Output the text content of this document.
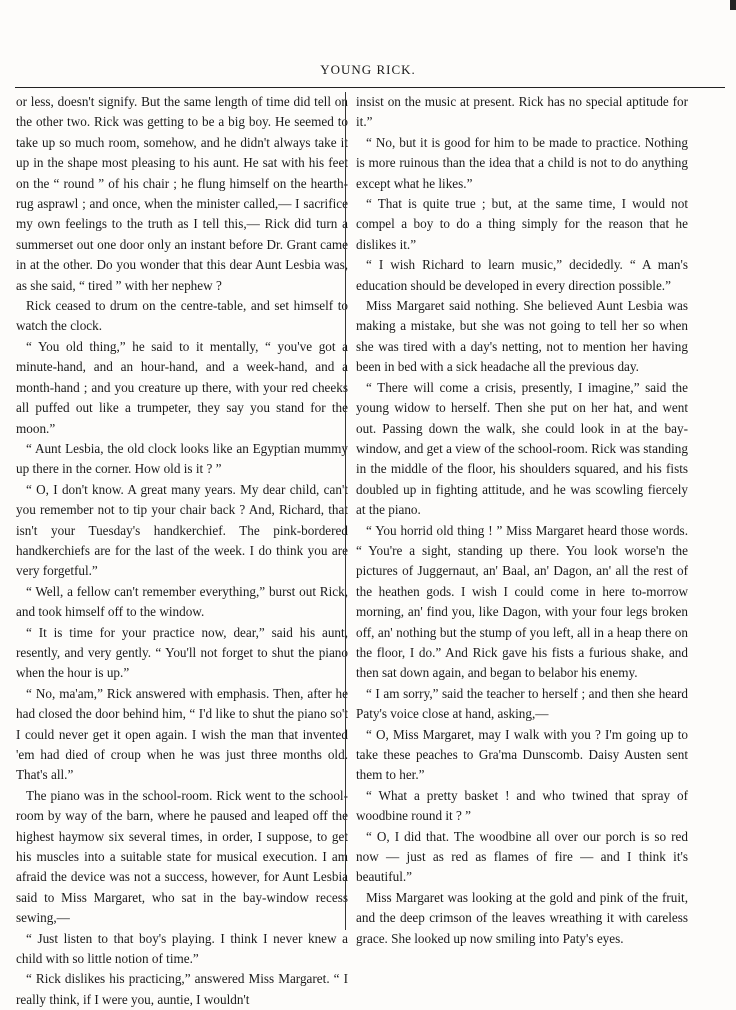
YOUNG RICK.

or less, doesn't signify. But the same length of time did tell on the other two. Rick was getting to be a big boy. He seemed to take up so much room, somehow, and he didn't always take it up in the shape most pleasing to his aunt. He sat with his feet on the “ round ” of his chair ; he flung himself on the hearth-rug asprawl ; and once, when the minister called,— I sacrifice my own feelings to the truth as I tell this,— Rick did turn a summerset out one door only an instant before Dr. Grant came in at the other. Do you wonder that this dear Aunt Lesbia was, as she said, “ tired ” with her nephew ?

Rick ceased to drum on the centre-table, and set himself to watch the clock.

“ You old thing,” he said to it mentally, “ you've got a minute-hand, and an hour-hand, and a week-hand, and a month-hand ; and you creature up there, with your red cheeks all puffed out like a trumpeter, they say you stand for the moon.”

“ Aunt Lesbia, the old clock looks like an Egyptian mummy up there in the corner. How old is it ? ”

“ O, I don't know. A great many years. My dear child, can't you remember not to tip your chair back ? And, Richard, that isn't your Tuesday's handkerchief. The pink-bordered handkerchiefs are for the last of the week. I do think you are very forgetful.”

“ Well, a fellow can't remember everything,” burst out Rick, and took himself off to the window.

“ It is time for your practice now, dear,” said his aunt, resently, and very gently. “ You'll not forget to shut the piano when the hour is up.”

“ No, ma'am,” Rick answered with emphasis. Then, after he had closed the door behind him, “ I'd like to shut the piano so't I could never get it open again. I wish the man that invented 'em had died of croup when he was just three months old. That's all.”

The piano was in the school-room. Rick went to the school-room by way of the barn, where he paused and leaped off the highest haymow six several times, in order, I suppose, to get his muscles into a suitable state for musical execution. I am afraid the device was not a success, however, for Aunt Lesbia said to Miss Margaret, who sat in the bay-window recess sewing,—

“ Just listen to that boy's playing. I think I never knew a child with so little notion of time.”

“ Rick dislikes his practicing,” answered Miss Margaret. “ I really think, if I were you, auntie, I wouldn't

insist on the music at present. Rick has no special aptitude for it.”

“ No, but it is good for him to be made to practice. Nothing is more ruinous than the idea that a child is not to do anything except what he likes.”

“ That is quite true ; but, at the same time, I would not compel a boy to do a thing simply for the reason that he dislikes it.”

“ I wish Richard to learn music,” decidedly. “ A man's education should be developed in every direction possible.”

Miss Margaret said nothing. She believed Aunt Lesbia was making a mistake, but she was not going to tell her so when she was tired with a day's netting, not to mention her having been in bed with a sick headache all the previous day.

“ There will come a crisis, presently, I imagine,” said the young widow to herself. Then she put on her hat, and went out. Passing down the walk, she could look in at the bay-window, and get a view of the school-room. Rick was standing in the middle of the floor, his shoulders squared, and his fists doubled up in fighting attitude, and he was scowling fiercely at the piano.

“ You horrid old thing ! ” Miss Margaret heard those words. “ You're a sight, standing up there. You look worse'n the pictures of Juggernaut, an' Baal, an' Dagon, an' all the rest of the heathen gods. I wish I could come in here to-morrow morning, an' find you, like Dagon, with your four legs broken off, an' nothing but the stump of you left, all in a heap there on the floor, I do.” And Rick gave his fists a furious shake, and then sat down again, and began to belabor his enemy.

“ I am sorry,” said the teacher to herself ; and then she heard Paty's voice close at hand, asking,—

“ O, Miss Margaret, may I walk with you ? I'm going up to take these peaches to Gra'ma Dunscomb. Daisy Austen sent them to her.”

“ What a pretty basket ! and who twined that spray of woodbine round it ? ”

“ O, I did that. The woodbine all over our porch is so red now — just as red as flames of fire — and I think it's beautiful.”

Miss Margaret was looking at the gold and pink of the fruit, and the deep crimson of the leaves wreathing it with careless grace. She looked up now smiling into Paty's eyes.
